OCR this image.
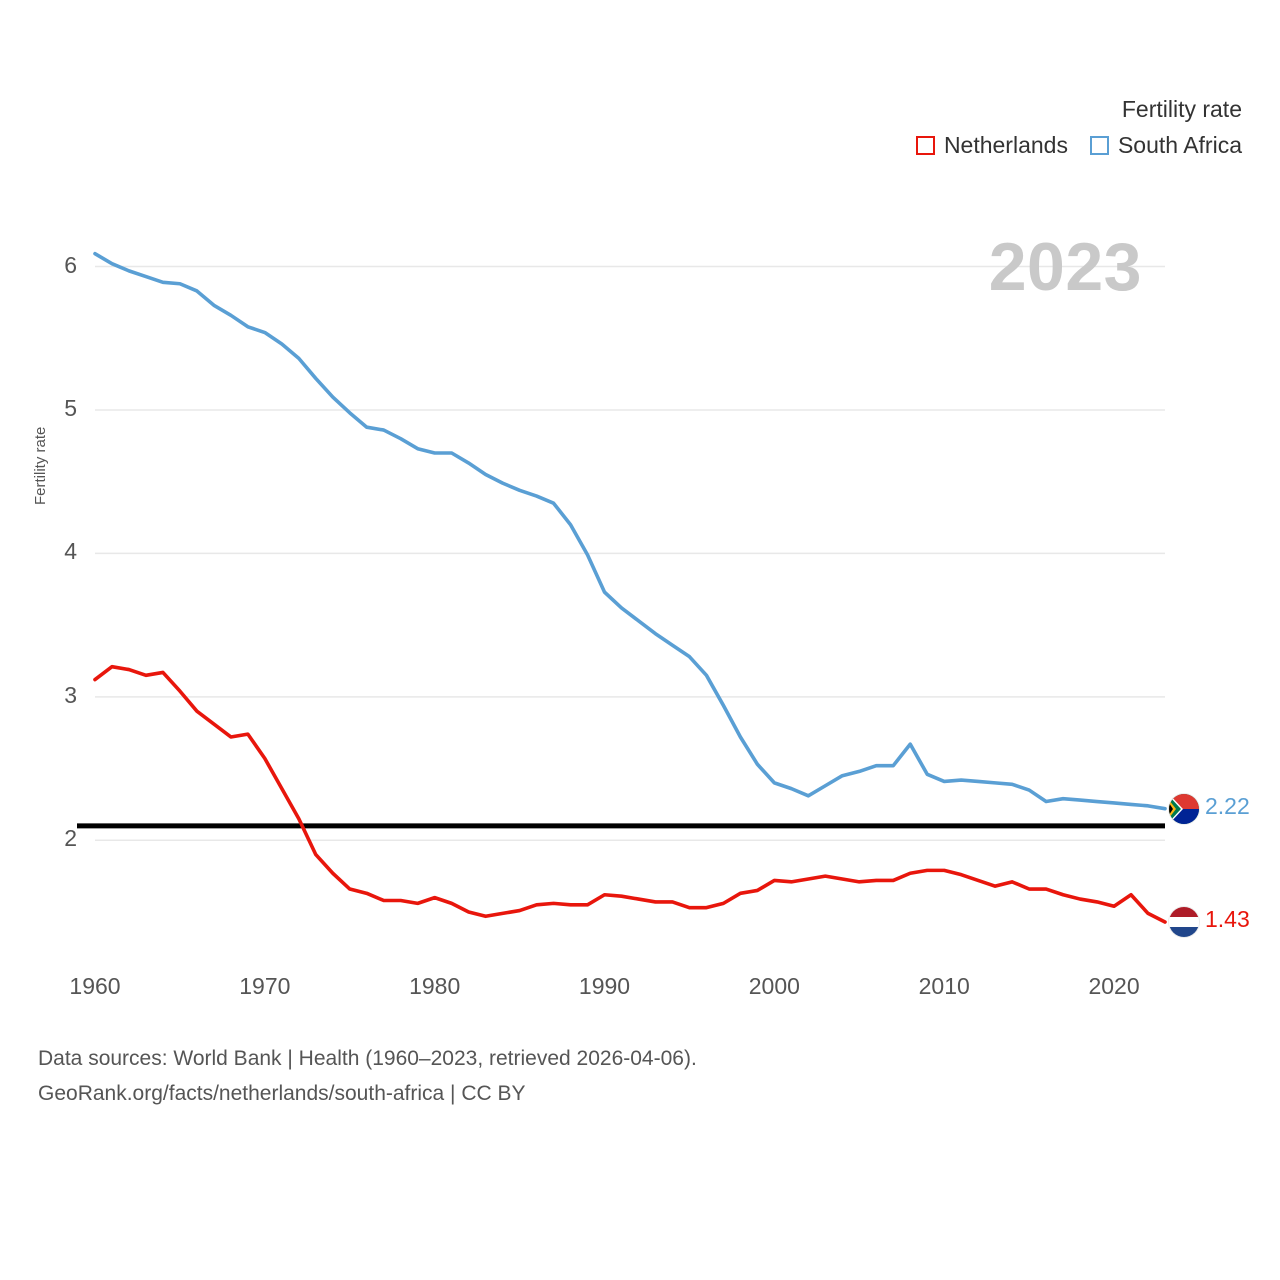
Fertility rate
Netherlands South Africa
2023
Fertility rate
2
3
4
5
6
1960	1970	1980	1990	2000	2010	2020
2.22
1.43
Data sources: World Bank | Health (1960–2023, retrieved 2026-04-06).
GeoRank.org/facts/netherlands/south-africa | CC BY
